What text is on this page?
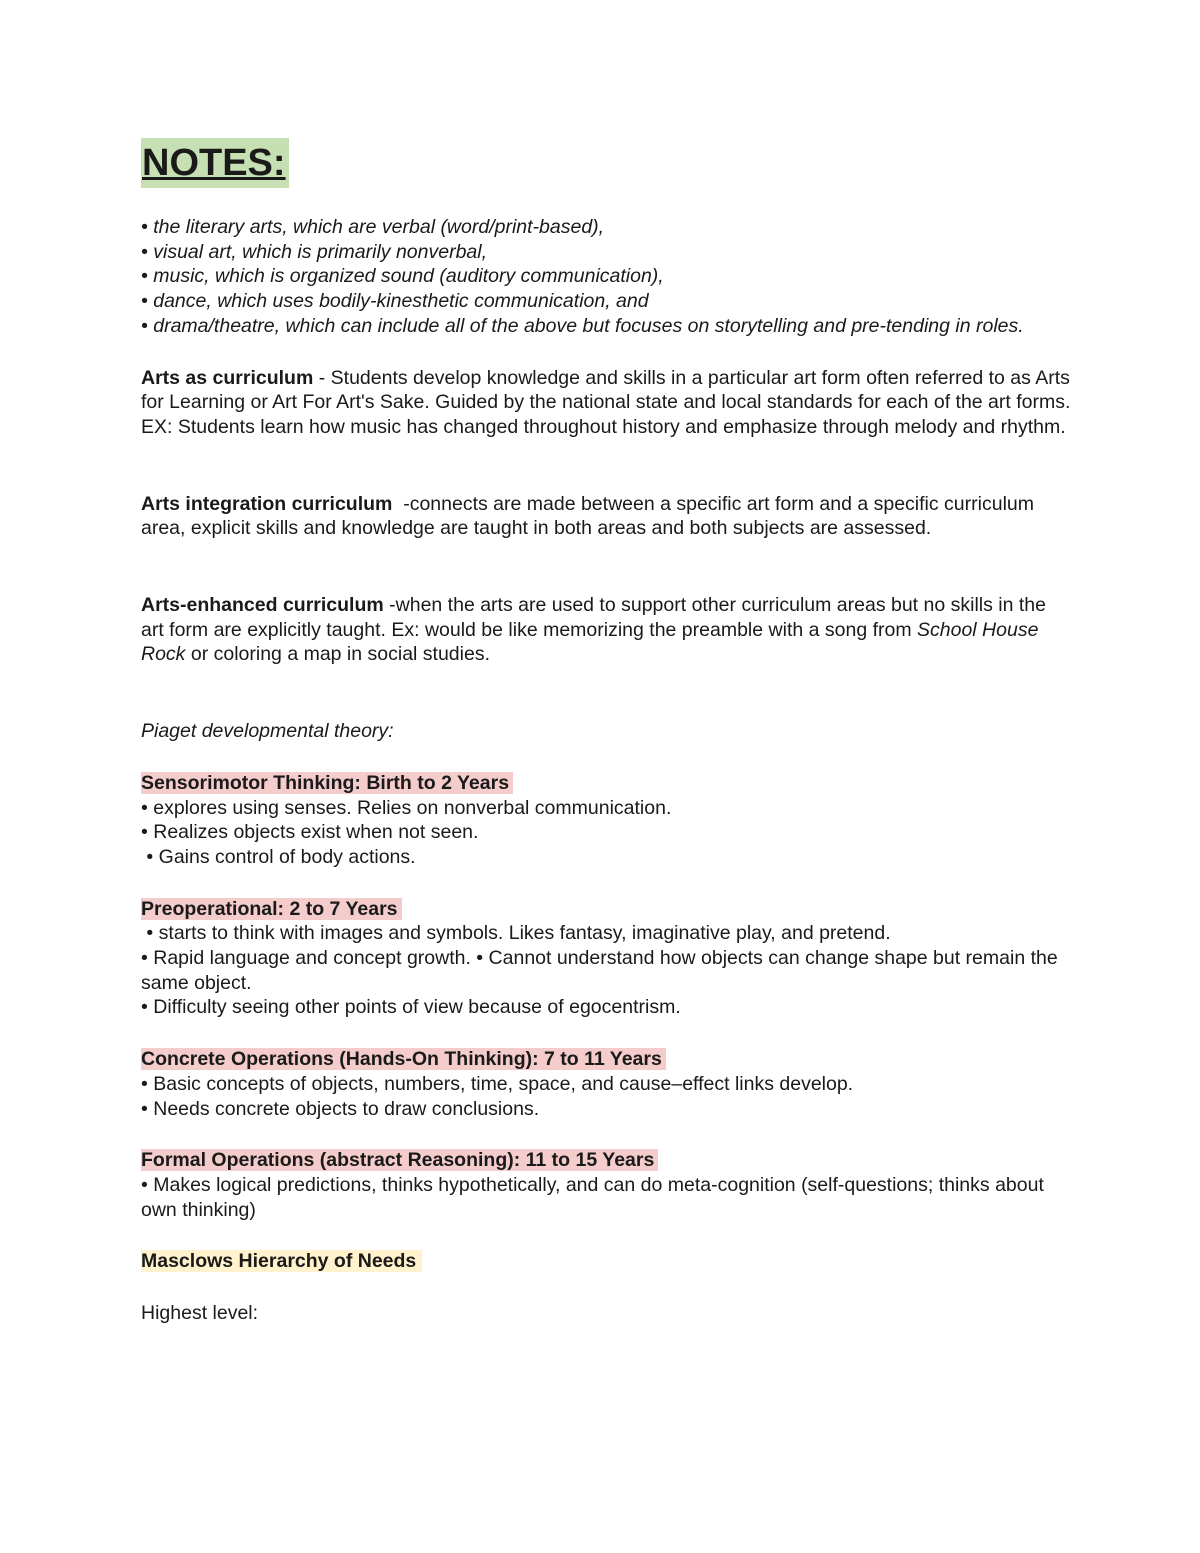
NOTES:
• the literary arts, which are verbal (word/print-based),
• visual art, which is primarily nonverbal,
• music, which is organized sound (auditory communication),
• dance, which uses bodily-kinesthetic communication, and
• drama/theatre, which can include all of the above but focuses on storytelling and pre-tending in roles.

Arts as curriculum - Students develop knowledge and skills in a particular art form often referred to as Arts for Learning or Art For Art's Sake. Guided by the national state and local standards for each of the art forms. EX: Students learn how music has changed throughout history and emphasize through melody and rhythm.

Arts integration curriculum  -connects are made between a specific art form and a specific curriculum area, explicit skills and knowledge are taught in both areas and both subjects are assessed.

Arts-enhanced curriculum -when the arts are used to support other curriculum areas but no skills in the art form are explicitly taught. Ex: would be like memorizing the preamble with a song from School House Rock or coloring a map in social studies.

Piaget developmental theory:

Sensorimotor Thinking: Birth to 2 Years
• explores using senses. Relies on nonverbal communication.
• Realizes objects exist when not seen.
• Gains control of body actions.
Preoperational: 2 to 7 Years
• starts to think with images and symbols. Likes fantasy, imaginative play, and pretend.
• Rapid language and concept growth. • Cannot understand how objects can change shape but remain the same object.
• Difficulty seeing other points of view because of egocentrism.
Concrete Operations (Hands-On Thinking): 7 to 11 Years
• Basic concepts of objects, numbers, time, space, and cause–effect links develop.
• Needs concrete objects to draw conclusions.
Formal Operations (abstract Reasoning): 11 to 15 Years
• Makes logical predictions, thinks hypothetically, and can do meta-cognition (self-questions; thinks about own thinking)
Masclows Hierarchy of Needs

Highest level:
